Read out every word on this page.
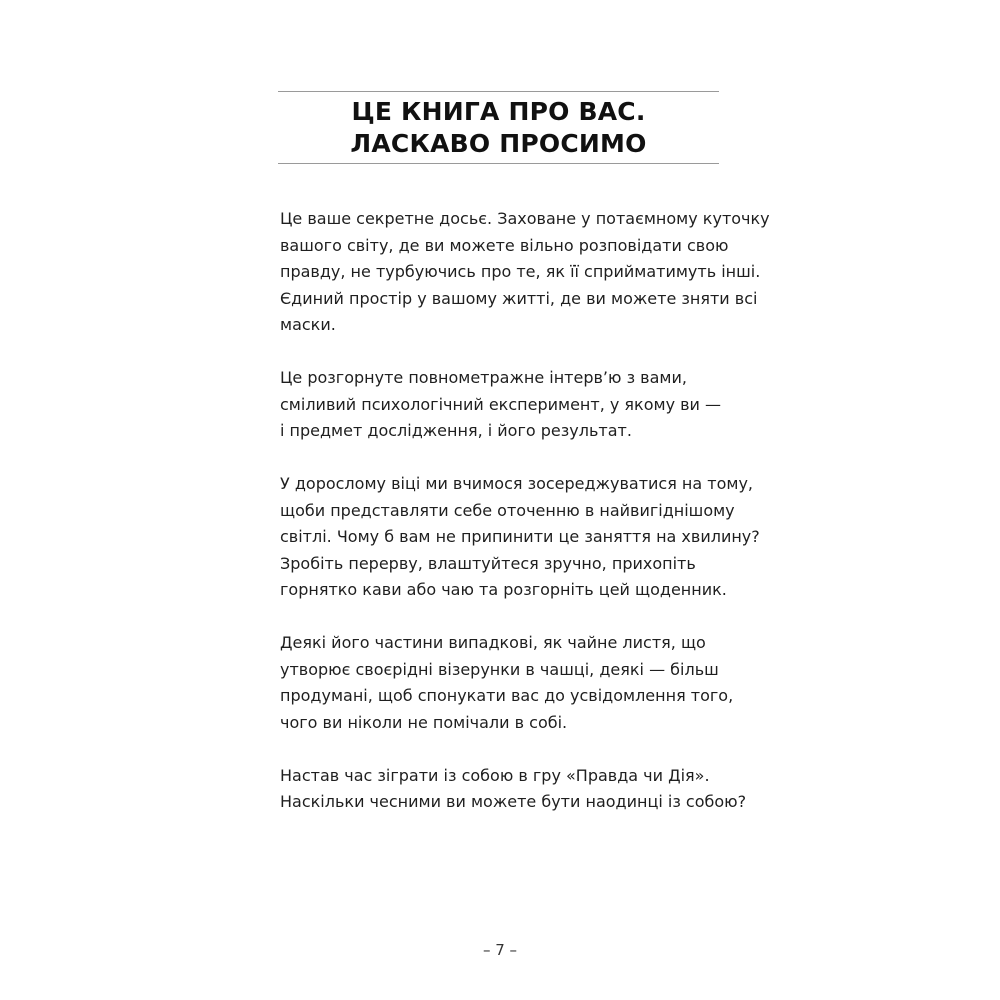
ЦЕ КНИГА ПРО ВАС.
ЛАСКАВО ПРОСИМО

Це ваше секретне досьє. Заховане у потаємному куточку
вашого світу, де ви можете вільно розповідати свою
правду, не турбуючись про те, як її сприйматимуть інші.
Єдиний простір у вашому житті, де ви можете зняти всі
маски.

Це розгорнуте повнометражне інтерв’ю з вами,
сміливий психологічний експеримент, у якому ви —
і предмет дослідження, і його результат.

У дорослому віці ми вчимося зосереджуватися на тому,
щоби представляти себе оточенню в найвигіднішому
світлі. Чому б вам не припинити це заняття на хвилину?
Зробіть перерву, влаштуйтеся зручно, прихопіть
горнятко кави або чаю та розгорніть цей щоденник.

Деякі його частини випадкові, як чайне листя, що
утворює своєрідні візерунки в чашці, деякі — більш
продумані, щоб спонукати вас до усвідомлення того,
чого ви ніколи не помічали в собі.

Настав час зіграти із собою в гру «Правда чи Дія».
Наскільки чесними ви можете бути наодинці із собою?

– 7 –
